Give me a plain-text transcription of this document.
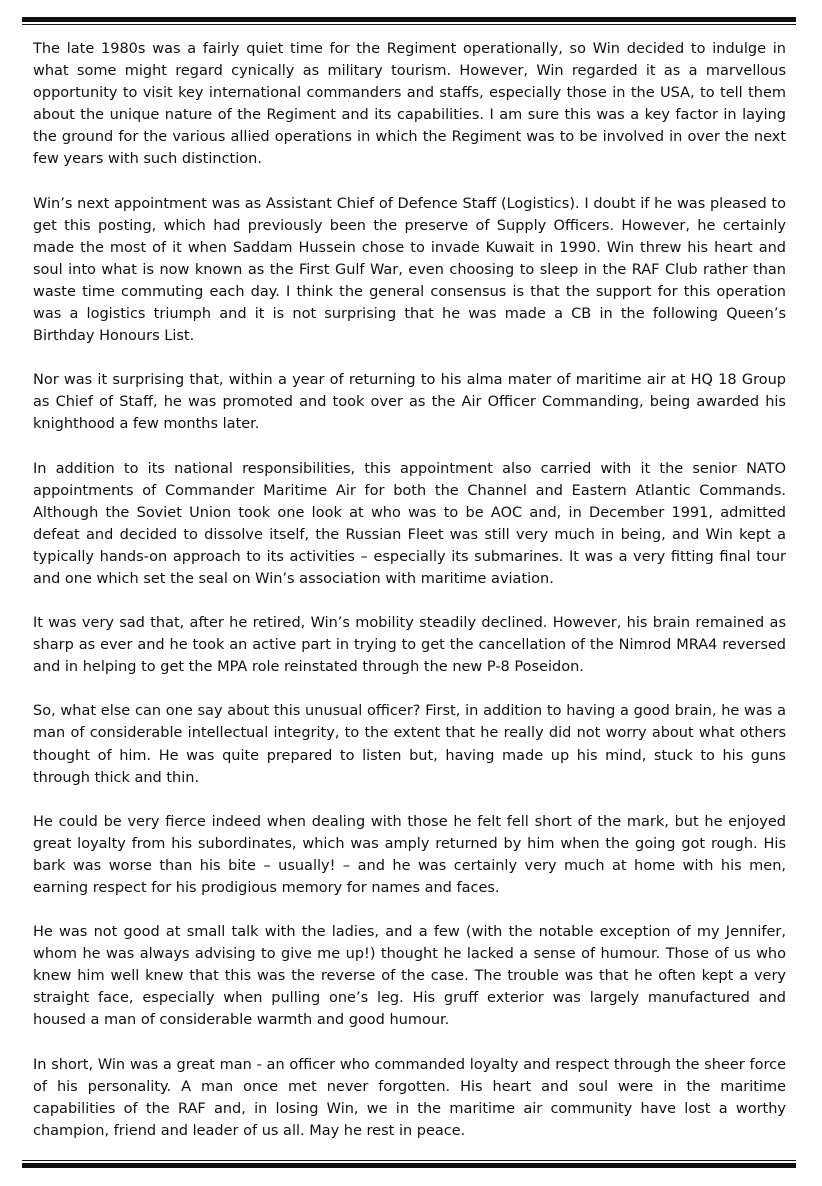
The late 1980s was a fairly quiet time for the Regiment operationally, so Win decided to indulge in what some might regard cynically as military tourism. However, Win regarded it as a marvellous opportunity to visit key international commanders and staffs, especially those in the USA, to tell them about the unique nature of the Regiment and its capabilities. I am sure this was a key factor in laying the ground for the various allied operations in which the Regiment was to be involved in over the next few years with such distinction.

Win’s next appointment was as Assistant Chief of Defence Staff (Logistics). I doubt if he was pleased to get this posting, which had previously been the preserve of Supply Officers. However, he certainly made the most of it when Saddam Hussein chose to invade Kuwait in 1990. Win threw his heart and soul into what is now known as the First Gulf War, even choosing to sleep in the RAF Club rather than waste time commuting each day. I think the general consensus is that the support for this operation was a logistics triumph and it is not surprising that he was made a CB in the following Queen’s Birthday Honours List.

Nor was it surprising that, within a year of returning to his alma mater of maritime air at HQ 18 Group as Chief of Staff, he was promoted and took over as the Air Officer Commanding, being awarded his knighthood a few months later.

In addition to its national responsibilities, this appointment also carried with it the senior NATO appointments of Commander Maritime Air for both the Channel and Eastern Atlantic Commands. Although the Soviet Union took one look at who was to be AOC and, in December 1991, admitted defeat and decided to dissolve itself, the Russian Fleet was still very much in being, and Win kept a typically hands-on approach to its activities – especially its submarines. It was a very fitting final tour and one which set the seal on Win’s association with maritime aviation.

It was very sad that, after he retired, Win’s mobility steadily declined. However, his brain remained as sharp as ever and he took an active part in trying to get the cancellation of the Nimrod MRA4 reversed and in helping to get the MPA role reinstated through the new P-8 Poseidon.

So, what else can one say about this unusual officer? First, in addition to having a good brain, he was a man of considerable intellectual integrity, to the extent that he really did not worry about what others thought of him. He was quite prepared to listen but, having made up his mind, stuck to his guns through thick and thin.

He could be very fierce indeed when dealing with those he felt fell short of the mark, but he enjoyed great loyalty from his subordinates, which was amply returned by him when the going got rough. His bark was worse than his bite – usually! – and he was certainly very much at home with his men, earning respect for his prodigious memory for names and faces.

He was not good at small talk with the ladies, and a few (with the notable exception of my Jennifer, whom he was always advising to give me up!) thought he lacked a sense of humour. Those of us who knew him well knew that this was the reverse of the case. The trouble was that he often kept a very straight face, especially when pulling one’s leg. His gruff exterior was largely manufactured and housed a man of considerable warmth and good humour.

In short, Win was a great man - an officer who commanded loyalty and respect through the sheer force of his personality. A man once met never forgotten. His heart and soul were in the maritime capabilities of the RAF and, in losing Win, we in the maritime air community have lost a worthy champion, friend and leader of us all. May he rest in peace.
